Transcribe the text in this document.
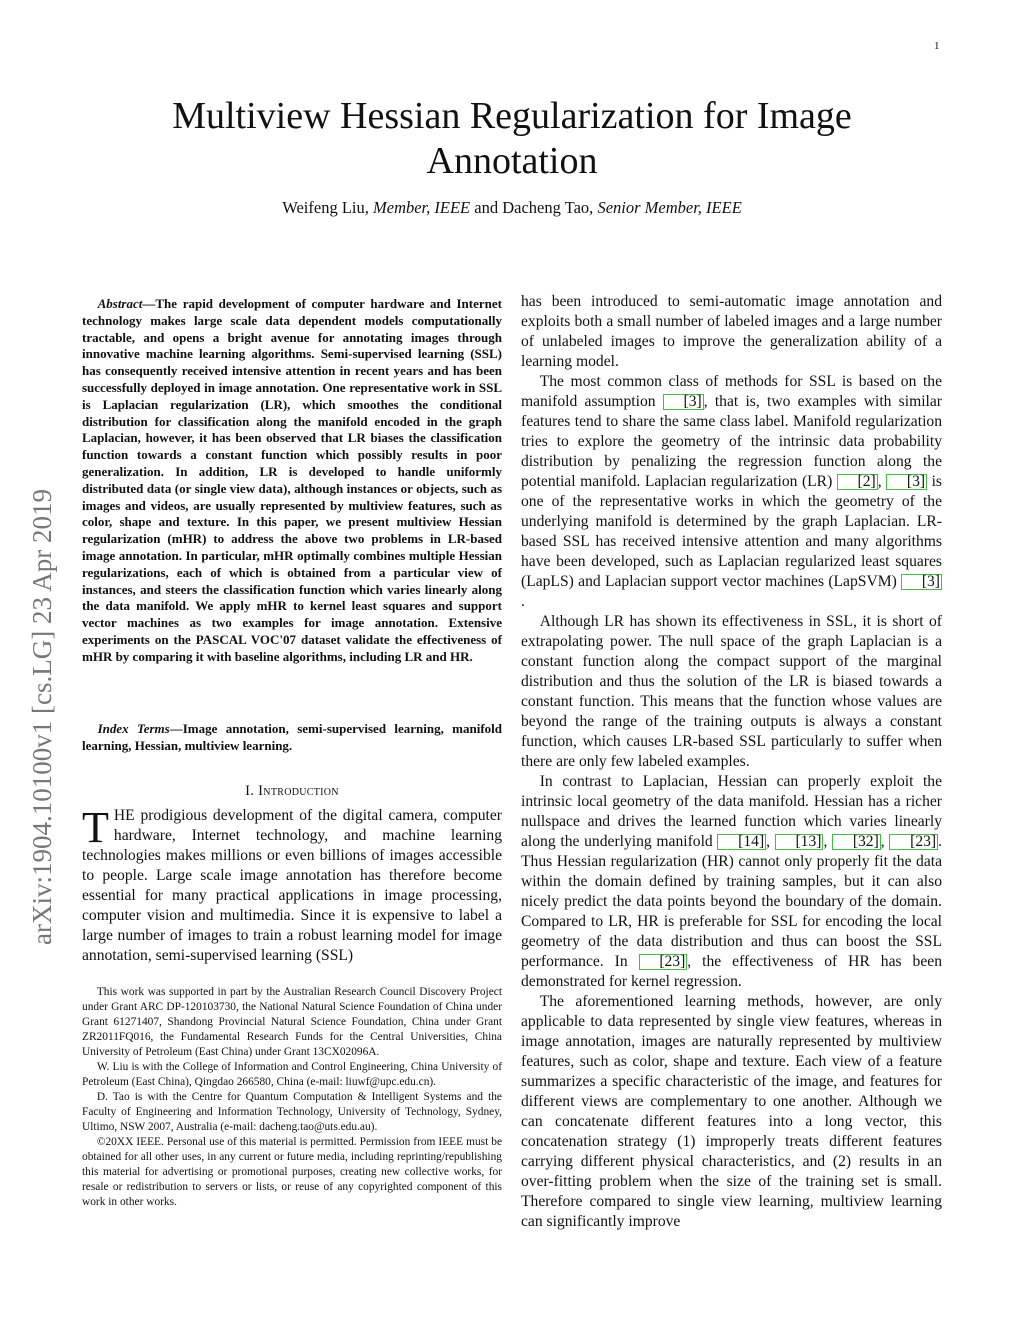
1
arXiv:1904.10100v1 [cs.LG] 23 Apr 2019
Multiview Hessian Regularization for Image Annotation
Weifeng Liu, Member, IEEE and Dacheng Tao, Senior Member, IEEE

Abstract—The rapid development of computer hardware and Internet technology makes large scale data dependent models computationally tractable, and opens a bright avenue for annotating images through innovative machine learning algorithms. Semi-supervised learning (SSL) has consequently received intensive attention in recent years and has been successfully deployed in image annotation. One representative work in SSL is Laplacian regularization (LR), which smoothes the conditional distribution for classification along the manifold encoded in the graph Laplacian, however, it has been observed that LR biases the classification function towards a constant function which possibly results in poor generalization. In addition, LR is developed to handle uniformly distributed data (or single view data), although instances or objects, such as images and videos, are usually represented by multiview features, such as color, shape and texture. In this paper, we present multiview Hessian regularization (mHR) to address the above two problems in LR-based image annotation. In particular, mHR optimally combines multiple Hessian regularizations, each of which is obtained from a particular view of instances, and steers the classification function which varies linearly along the data manifold. We apply mHR to kernel least squares and support vector machines as two examples for image annotation. Extensive experiments on the PASCAL VOC'07 dataset validate the effectiveness of mHR by comparing it with baseline algorithms, including LR and HR.

Index Terms—Image annotation, semi-supervised learning, manifold learning, Hessian, multiview learning.

I. Introduction

THE prodigious development of the digital camera, computer hardware, Internet technology, and machine learning technologies makes millions or even billions of images accessible to people. Large scale image annotation has therefore become essential for many practical applications in image processing, computer vision and multimedia. Since it is expensive to label a large number of images to train a robust learning model for image annotation, semi-supervised learning (SSL)

This work was supported in part by the Australian Research Council Discovery Project under Grant ARC DP-120103730, the National Natural Science Foundation of China under Grant 61271407, Shandong Provincial Natural Science Foundation, China under Grant ZR2011FQ016, the Fundamental Research Funds for the Central Universities, China University of Petroleum (East China) under Grant 13CX02096A.

W. Liu is with the College of Information and Control Engineering, China University of Petroleum (East China), Qingdao 266580, China (e-mail: liuwf@upc.edu.cn).

D. Tao is with the Centre for Quantum Computation & Intelligent Systems and the Faculty of Engineering and Information Technology, University of Technology, Sydney, Ultimo, NSW 2007, Australia (e-mail: dacheng.tao@uts.edu.au).

©20XX IEEE. Personal use of this material is permitted. Permission from IEEE must be obtained for all other uses, in any current or future media, including reprinting/republishing this material for advertising or promotional purposes, creating new collective works, for resale or redistribution to servers or lists, or reuse of any copyrighted component of this work in other works.

has been introduced to semi-automatic image annotation and exploits both a small number of labeled images and a large number of unlabeled images to improve the generalization ability of a learning model.

The most common class of methods for SSL is based on the manifold assumption [3] , that is, two examples with similar features tend to share the same class label. Manifold regularization tries to explore the geometry of the intrinsic data probability distribution by penalizing the regression function along the potential manifold. Laplacian regularization (LR) [2] , [3] is one of the representative works in which the geometry of the underlying manifold is determined by the graph Laplacian. LR-based SSL has received intensive attention and many algorithms have been developed, such as Laplacian regularized least squares (LapLS) and Laplacian support vector machines (LapSVM) [3].

Although LR has shown its effectiveness in SSL, it is short of extrapolating power. The null space of the graph Laplacian is a constant function along the compact support of the marginal distribution and thus the solution of the LR is biased towards a constant function. This means that the function whose values are beyond the range of the training outputs is always a constant function, which causes LR-based SSL particularly to suffer when there are only few labeled examples.

In contrast to Laplacian, Hessian can properly exploit the intrinsic local geometry of the data manifold. Hessian has a richer nullspace and drives the learned function which varies linearly along the underlying manifold [14] , [13] , [32] , [23] . Thus Hessian regularization (HR) cannot only properly fit the data within the domain defined by training samples, but it can also nicely predict the data points beyond the boundary of the domain. Compared to LR, HR is preferable for SSL for encoding the local geometry of the data distribution and thus can boost the SSL performance. In [23] , the effectiveness of HR has been demonstrated for kernel regression.

The aforementioned learning methods, however, are only applicable to data represented by single view features, whereas in image annotation, images are naturally represented by multiview features, such as color, shape and texture. Each view of a feature summarizes a specific characteristic of the image, and features for different views are complementary to one another. Although we can concatenate different features into a long vector, this concatenation strategy (1) improperly treats different features carrying different physical characteristics, and (2) results in an over-fitting problem when the size of the training set is small. Therefore compared to single view learning, multiview learning can significantly improve
